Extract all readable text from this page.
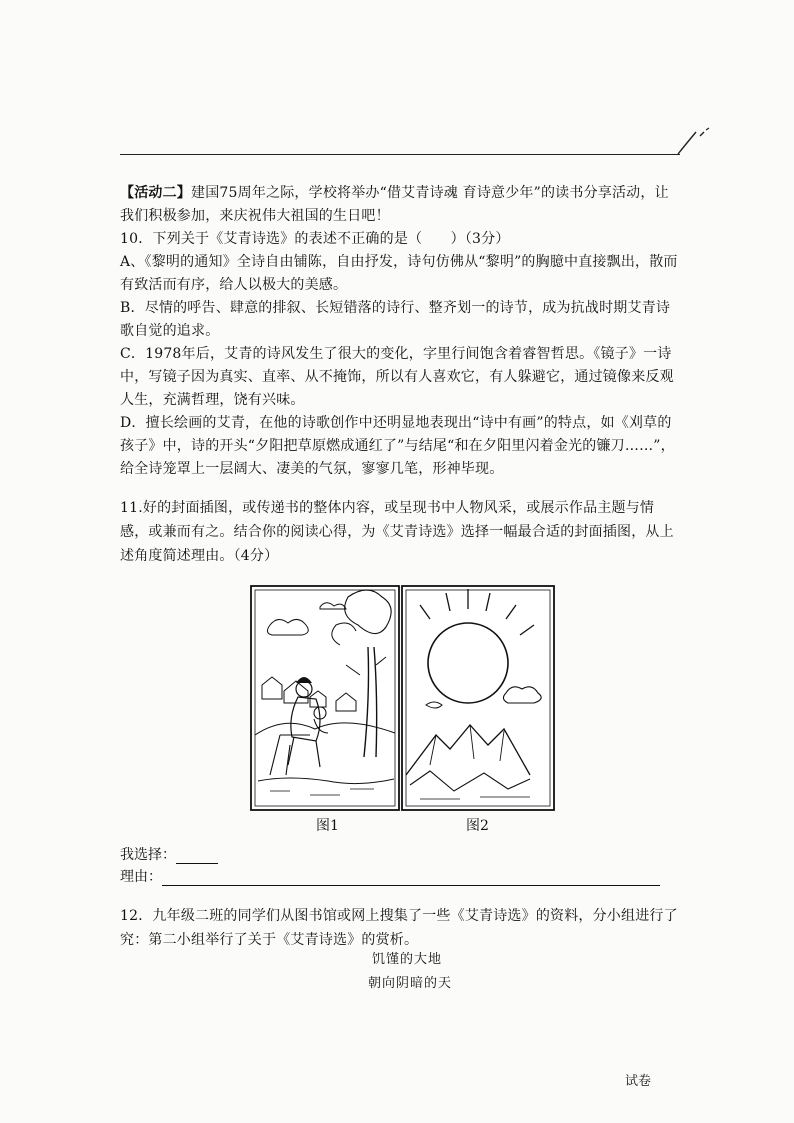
【活动二】建国75周年之际，学校将举办“借艾青诗魂 育诗意少年”的读书分享活动，让我们积极参加，来庆祝伟大祖国的生日吧！

10．下列关于《艾青诗选》的表述不正确的是（　　）（3分）

A、《黎明的通知》全诗自由铺陈，自由抒发，诗句仿佛从“黎明”的胸臆中直接飘出，散而有致活而有序，给人以极大的美感。

B．尽情的呼告、肆意的排叙、长短错落的诗行、整齐划一的诗节，成为抗战时期艾青诗歌自觉的追求。

C．1978年后，艾青的诗风发生了很大的变化，字里行间饱含着睿智哲思。《镜子》一诗中，写镜子因为真实、直率、从不掩饰，所以有人喜欢它，有人躲避它，通过镜像来反观人生，充满哲理，饶有兴味。

D．擅长绘画的艾青，在他的诗歌创作中还明显地表现出“诗中有画”的特点，如《刈草的孩子》中，诗的开头“夕阳把草原燃成通红了”与结尾“和在夕阳里闪着金光的镰刀……”，给全诗笼罩上一层阔大、凄美的气氛，寥寥几笔，形神毕现。

11.好的封面插图，或传递书的整体内容，或呈现书中人物风采，或展示作品主题与情感，或兼而有之。结合你的阅读心得，为《艾青诗选》选择一幅最合适的封面插图，从上述角度简述理由。（4分）

图1	图2
我选择：
理由：

12．九年级二班的同学们从图书馆或网上搜集了一些《艾青诗选》的资料，分小组进行了究：第二小组举行了关于《艾青诗选》的赏析。

饥馑的大地
朝向阴暗的天
试卷
